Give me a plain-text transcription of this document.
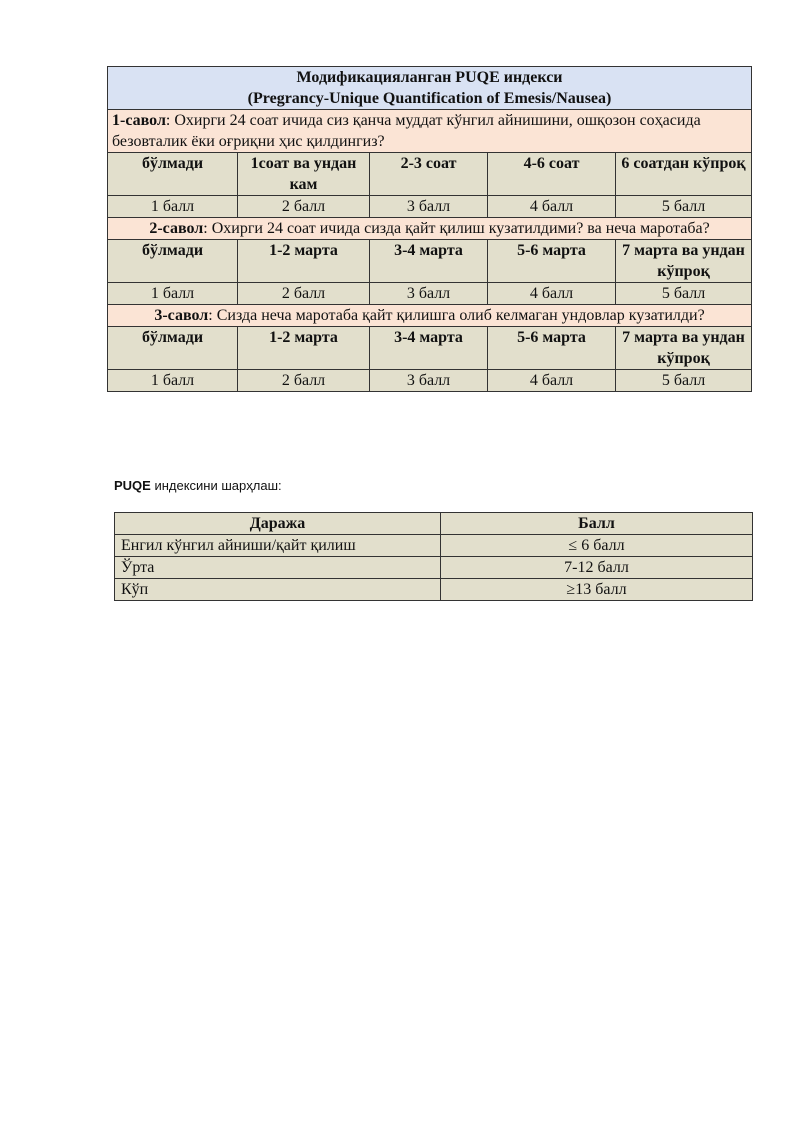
Модификацияланган PUQE индекси
(Pregrancy-Unique Quantification of Emesis/Nausea)				

1-савол: Охирги 24 соат ичида сиз қанча муддат кўнгил айнишини, ошқозон соҳасида безовталик ёки оғриқни ҳис қилдингиз?				
бўлмади	1соат ва ундан кам	2-3 соат	4-6 соат	6 соатдан кўпроқ
1 балл	2 балл	3 балл	4 балл	5 балл
2-савол: Охирги 24 соат ичида сизда қайт қилиш кузатилдими? ва неча маротаба?				
бўлмади	1-2 марта	3-4 марта	5-6 марта	7 марта ва ундан кўпроқ
1 балл	2 балл	3 балл	4 балл	5 балл
3-савол: Сизда неча маротаба қайт қилишга олиб келмаган ундовлар кузатилди?				
бўлмади	1-2 марта	3-4 марта	5-6 марта	7 марта ва ундан кўпроқ
1 балл	2 балл	3 балл	4 балл	5 балл
PUQE индексини шарҳлаш:
Даража	Балл
Енгил кўнгил айниши/қайт қилиш	≤ 6 балл
Ўрта	7-12 балл
Кўп	≥13 балл
